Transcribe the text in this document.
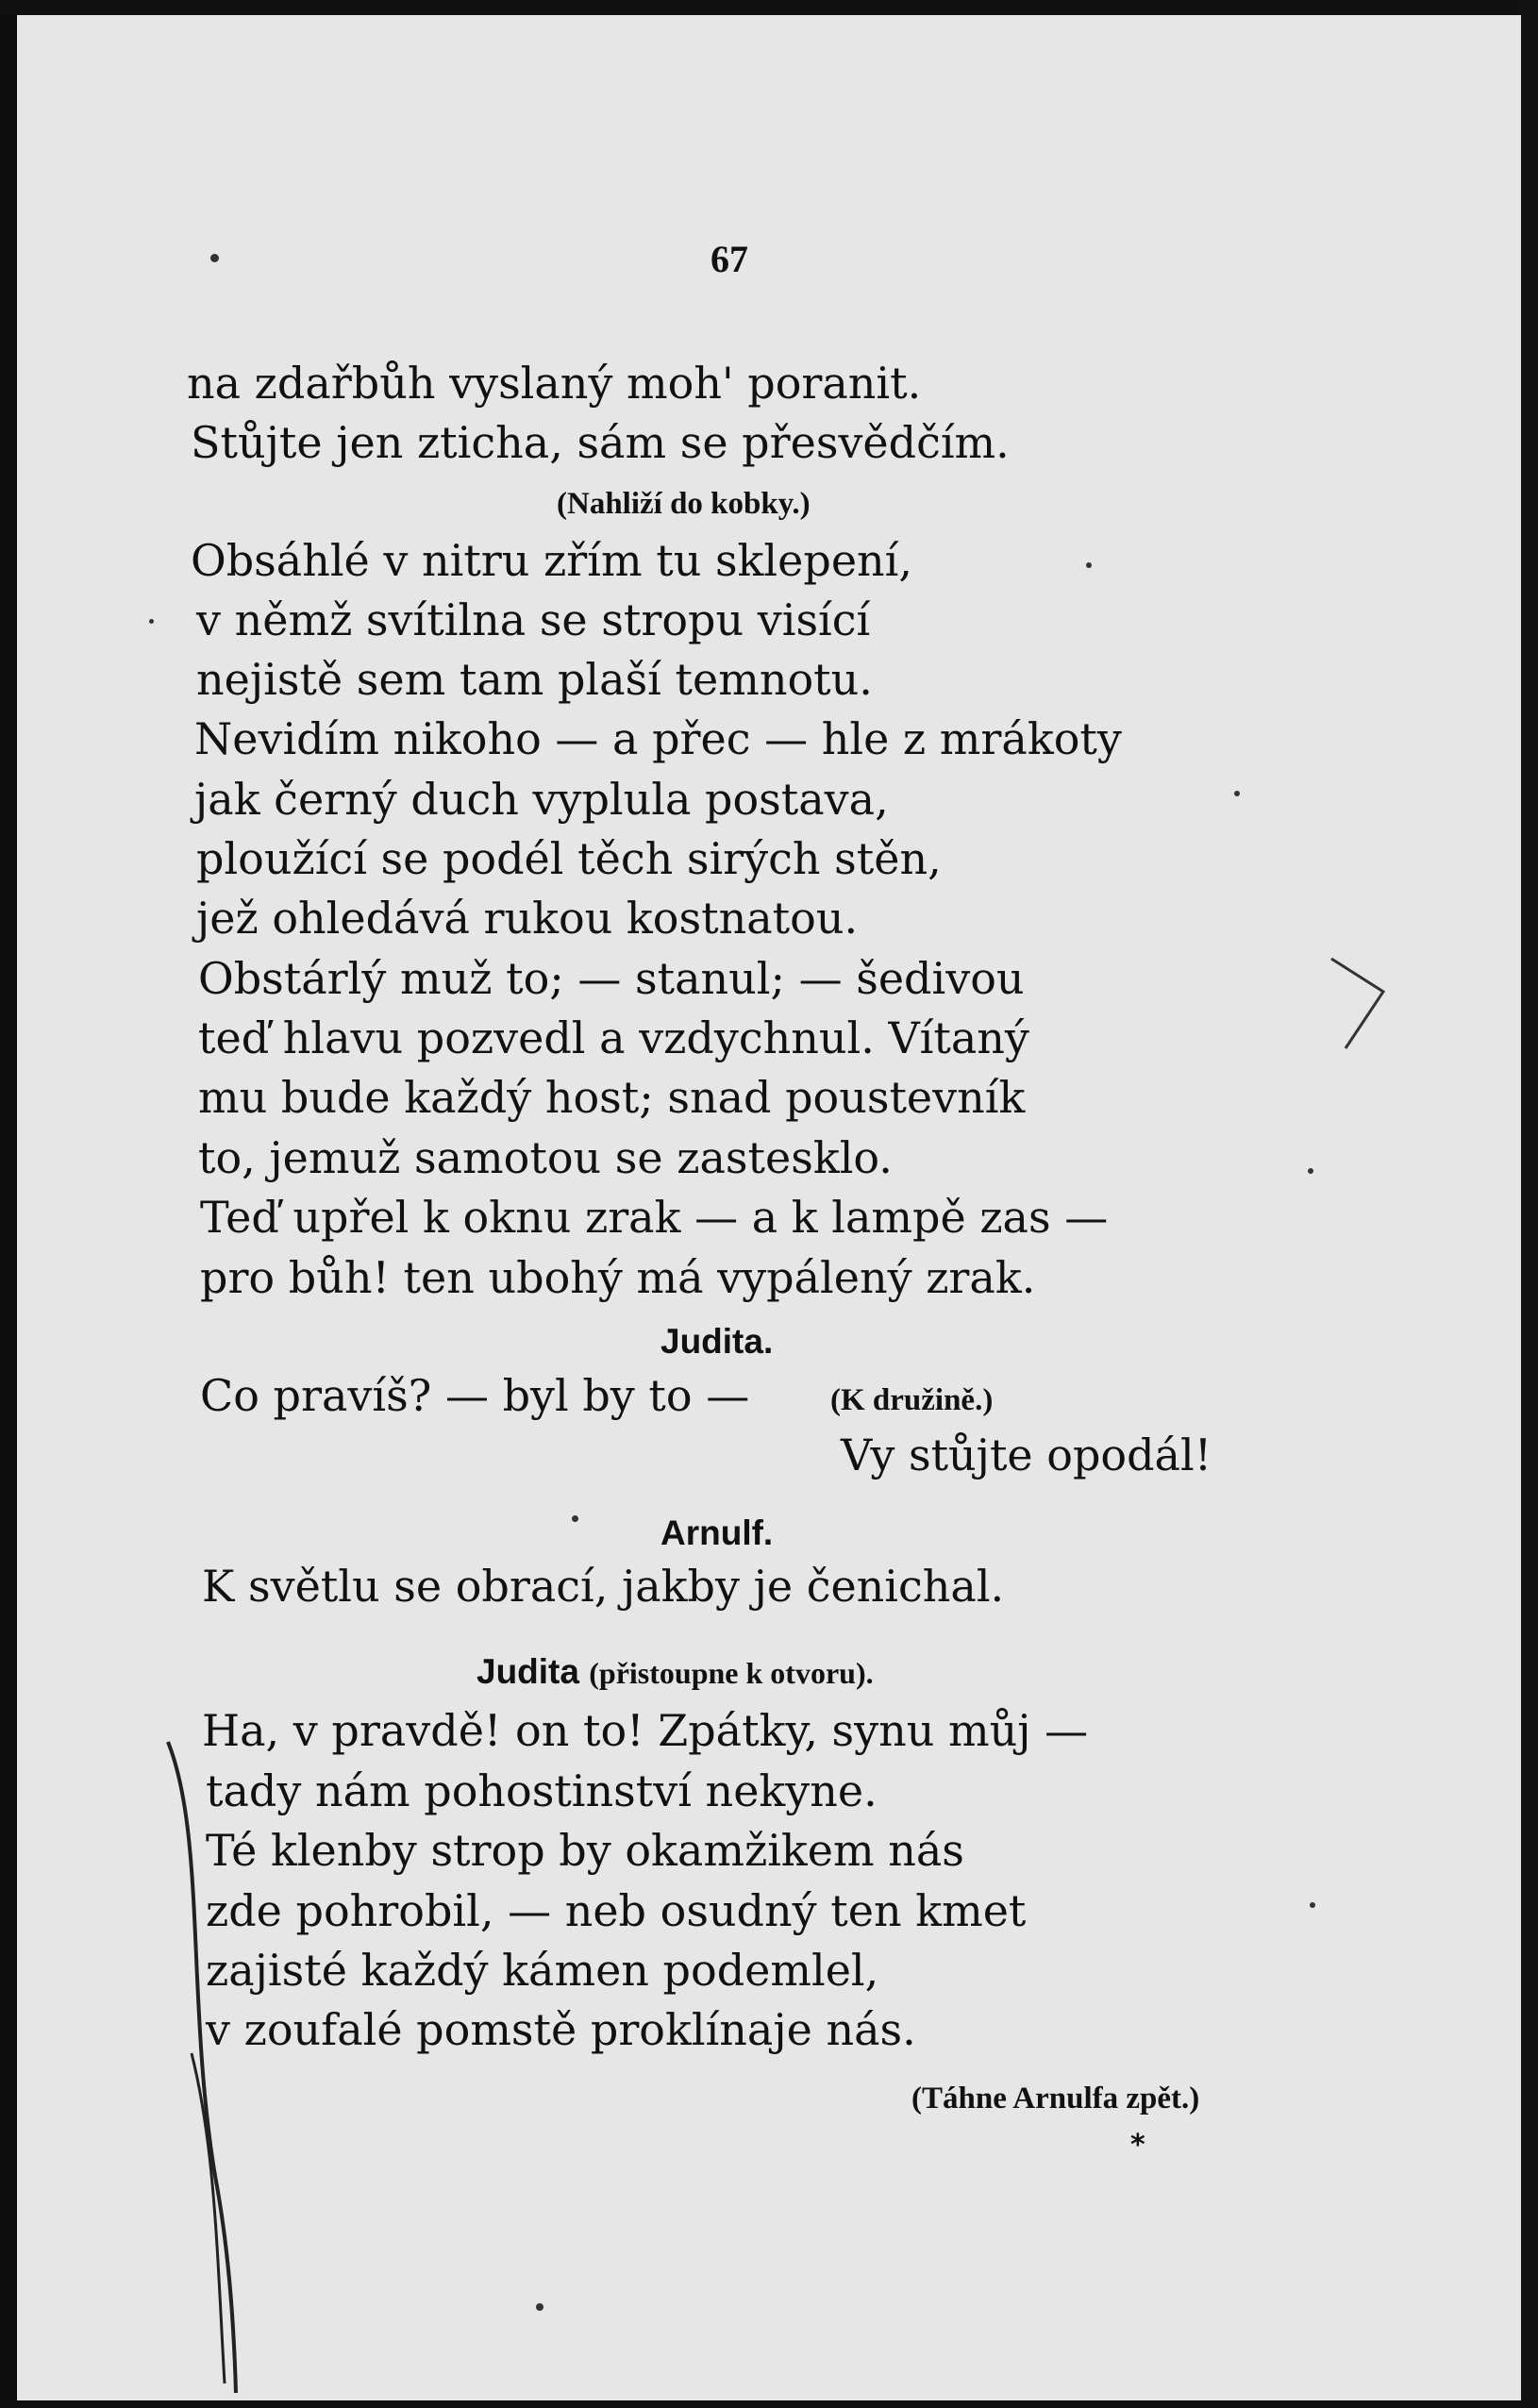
67
na zdařbůh vyslaný moh' poranit.
Stůjte jen zticha, sám se přesvědčím.
(Nahliží do kobky.)
Obsáhlé v nitru zřím tu sklepení,
v němž svítilna se stropu visící
nejistě sem tam plaší temnotu.
Nevidím nikoho — a přec — hle z mrákoty
jak černý duch vyplula postava,
ploužící se podél těch sirých stěn,
jež ohledává rukou kostnatou.
Obstárlý muž to; — stanul; — šedivou
teď hlavu pozvedl a vzdychnul. Vítaný
mu bude každý host; snad poustevník
to, jemuž samotou se zastesklo.
Teď upřel k oknu zrak — a k lampě zas —
pro bůh! ten ubohý má vypálený zrak.
Judita.
Co pravíš? — byl by to —	(K družině.)
Vy stůjte opodál!
Arnulf.
K světlu se obrací, jakby je čenichal.
Judita (přistoupne k otvoru).
Ha, v pravdě! on to! Zpátky, synu můj —
tady nám pohostinství nekyne.
Té klenby strop by okamžikem nás
zde pohrobil, — neb osudný ten kmet
zajisté každý kámen podemlel,
v zoufalé pomstě proklínaje nás.
(Táhne Arnulfa zpět.)
*
